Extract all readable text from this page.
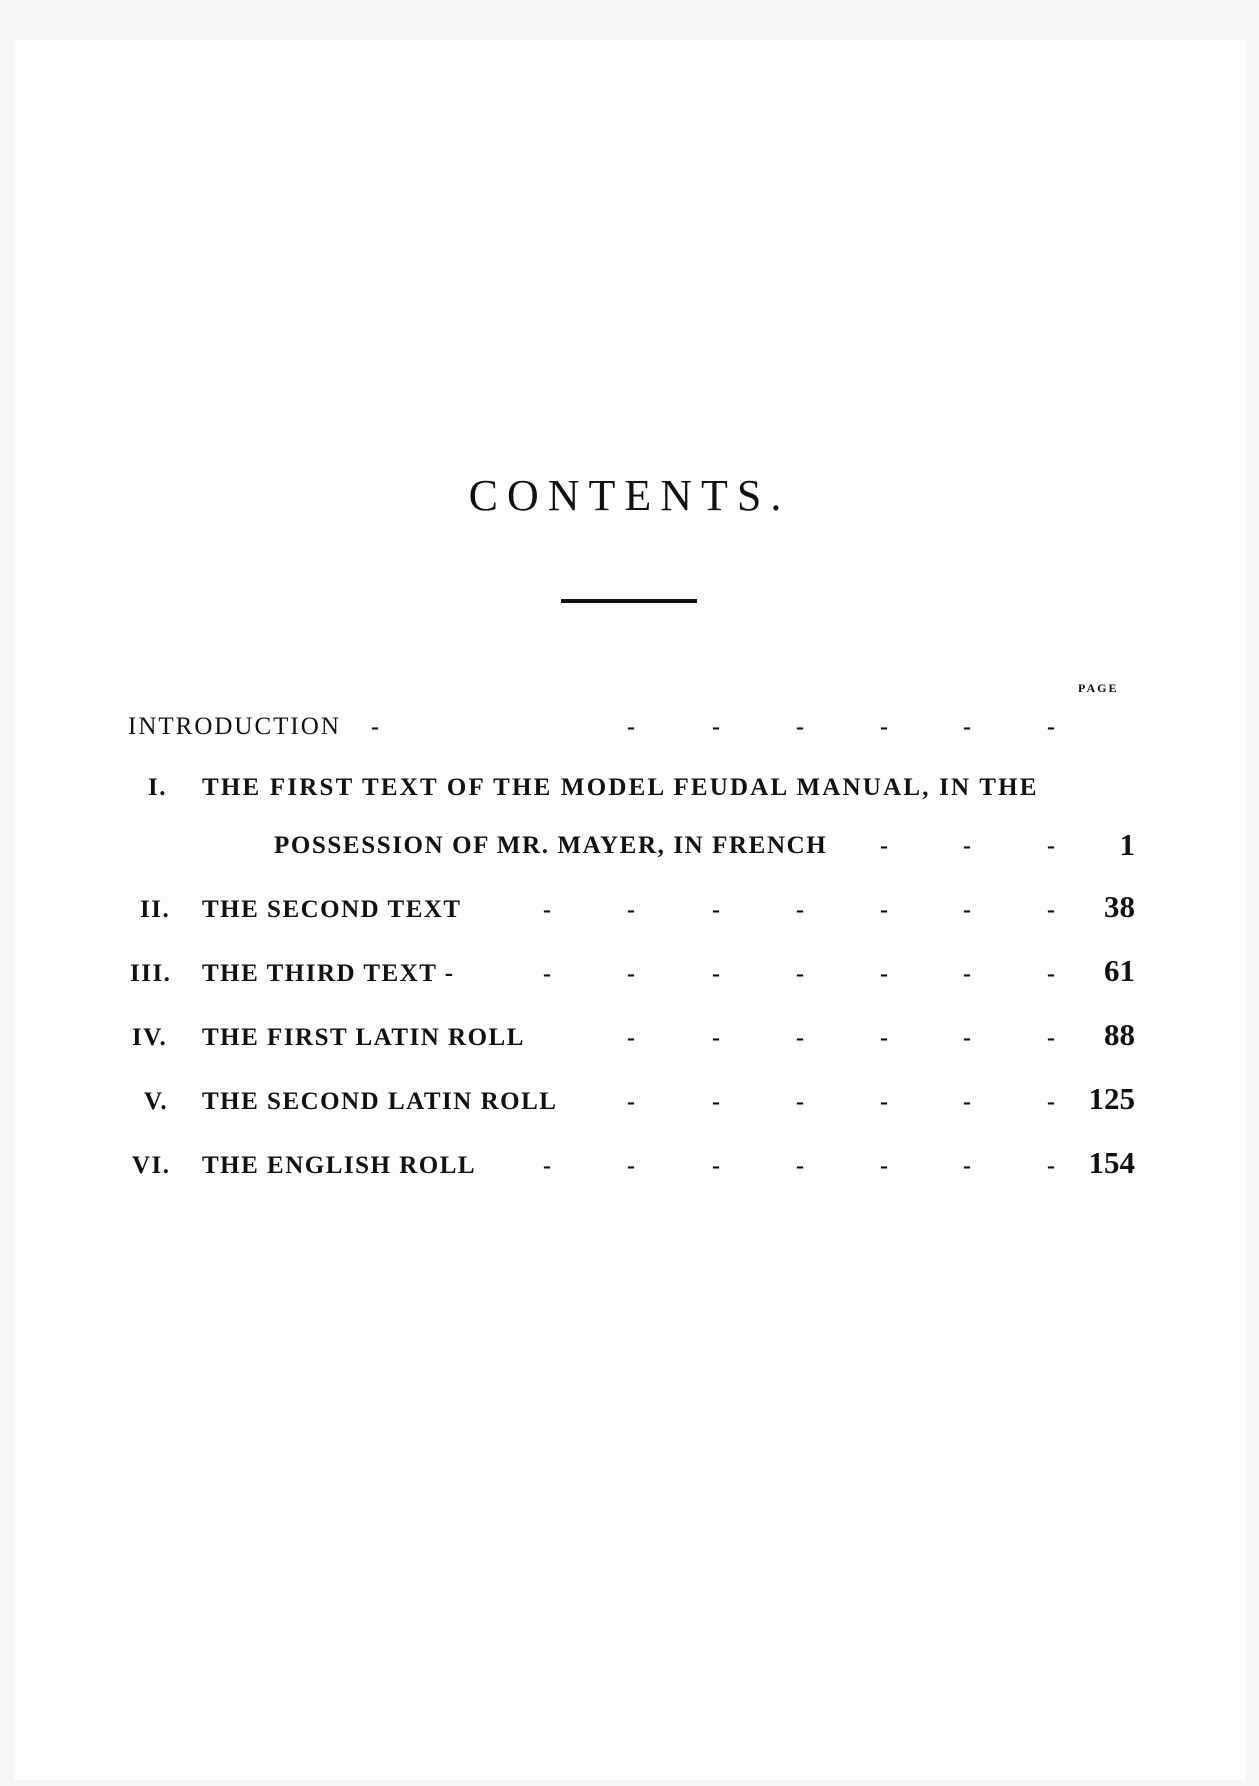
CONTENTS.
PAGE
INTRODUCTION -	-	-	-	-	-	-
I. THE FIRST TEXT OF THE MODEL FEUDAL MANUAL, IN THE
POSSESSION OF MR. MAYER, IN FRENCH -	-	- 1
II. THE SECOND TEXT	-	-	-	-	-	-	- 38
III. THE THIRD TEXT -	-	-	-	-	-	-	- 61
IV. THE FIRST LATIN ROLL	-	-	-	-	-	- 88
V. THE SECOND LATIN ROLL	-	-	-	-	-	- 125
VI. THE ENGLISH ROLL	-	-	-	-	-	-	- 154
